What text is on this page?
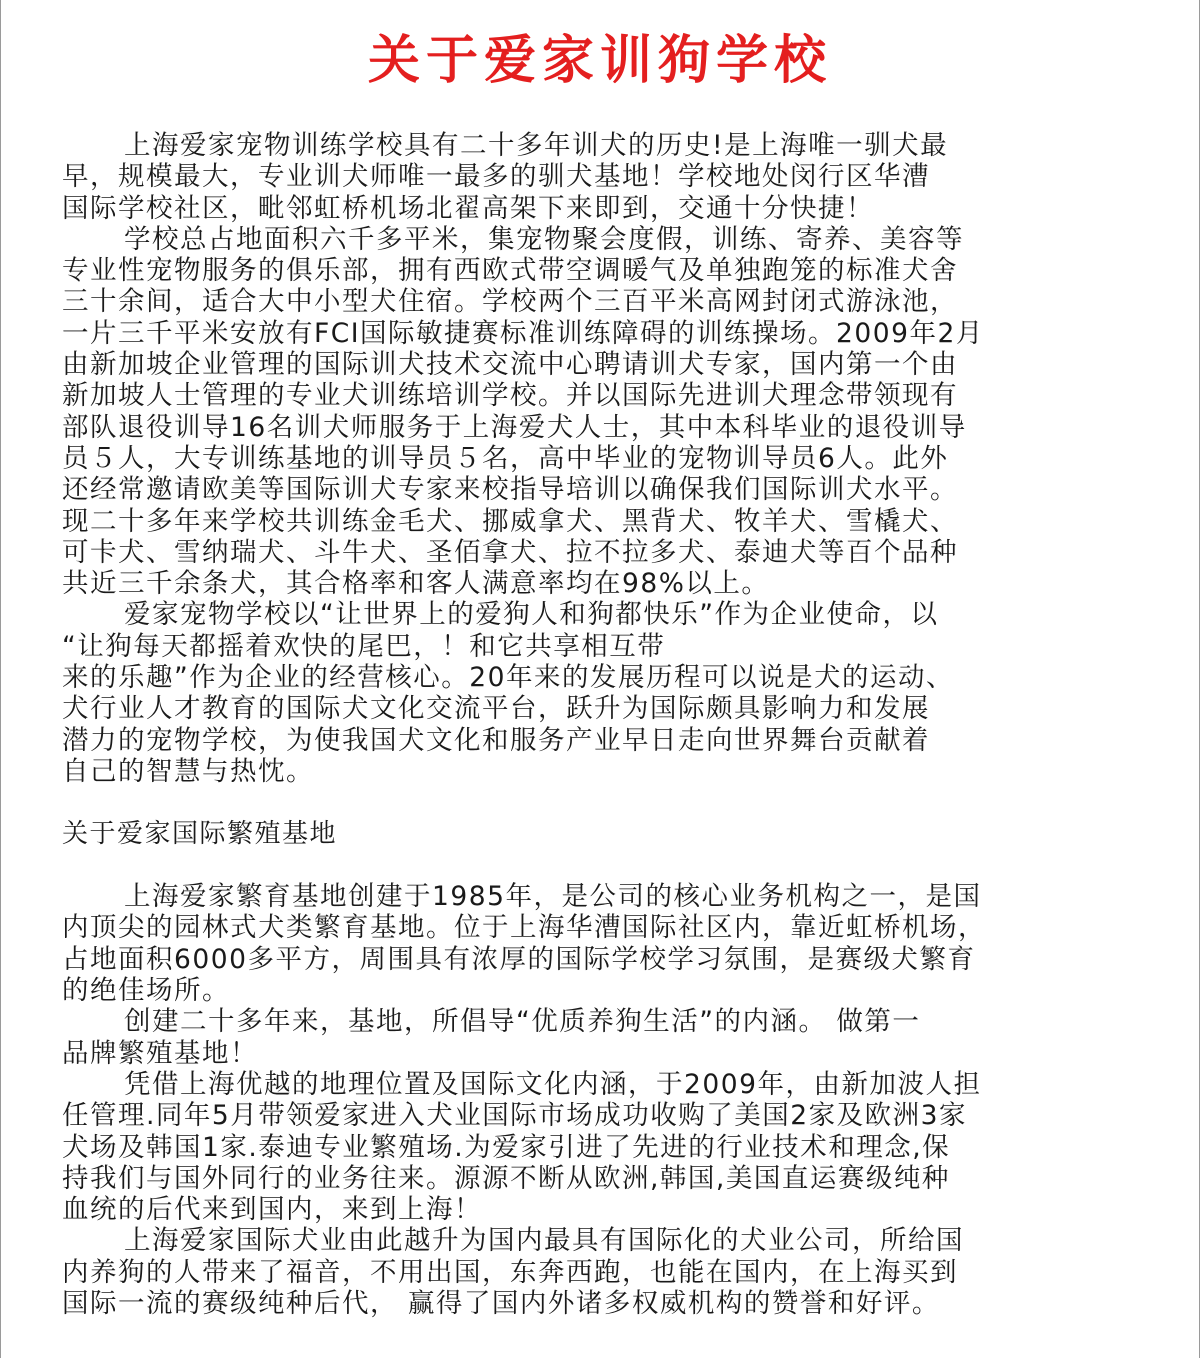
关于爱家训狗学校
上海爱家宠物训练学校具有二十多年训犬的历史!是上海唯一驯犬最
早，规模最大，专业训犬师唯一最多的驯犬基地！学校地处闵行区华漕
国际学校社区，毗邻虹桥机场北翟高架下来即到，交通十分快捷！
学校总占地面积六千多平米，集宠物聚会度假，训练、寄养、美容等
专业性宠物服务的俱乐部，拥有西欧式带空调暖气及单独跑笼的标准犬舍
三十余间，适合大中小型犬住宿。学校两个三百平米高网封闭式游泳池，
一片三千平米安放有FCI国际敏捷赛标准训练障碍的训练操场。2009年2月
由新加坡企业管理的国际训犬技术交流中心聘请训犬专家，国内第一个由
新加坡人士管理的专业犬训练培训学校。并以国际先进训犬理念带领现有
部队退役训导16名训犬师服务于上海爱犬人士，其中本科毕业的退役训导
员５人，大专训练基地的训导员５名，高中毕业的宠物训导员6人。此外
还经常邀请欧美等国际训犬专家来校指导培训以确保我们国际训犬水平。
现二十多年来学校共训练金毛犬、挪威拿犬、黑背犬、牧羊犬、雪橇犬、
可卡犬、雪纳瑞犬、斗牛犬、圣佰拿犬、拉不拉多犬、泰迪犬等百个品种
共近三千余条犬，其合格率和客人满意率均在98%以上。
爱家宠物学校以“让世界上的爱狗人和狗都快乐”作为企业使命，以
“让狗每天都摇着欢快的尾巴，！和它共享相互带
来的乐趣”作为企业的经营核心。20年来的发展历程可以说是犬的运动、
犬行业人才教育的国际犬文化交流平台，跃升为国际颇具影响力和发展
潜力的宠物学校，为使我国犬文化和服务产业早日走向世界舞台贡献着
自己的智慧与热忱。
关于爱家国际繁殖基地
上海爱家繁育基地创建于1985年，是公司的核心业务机构之一，是国
内顶尖的园林式犬类繁育基地。位于上海华漕国际社区内，靠近虹桥机场，
占地面积6000多平方，周围具有浓厚的国际学校学习氛围，是赛级犬繁育
的绝佳场所。
创建二十多年来，基地，所倡导“优质养狗生活”的内涵。 做第一
品牌繁殖基地！
凭借上海优越的地理位置及国际文化内涵，于2009年，由新加波人担
任管理.同年5月带领爱家进入犬业国际市场成功收购了美国2家及欧洲3家
犬场及韩国1家.泰迪专业繁殖场.为爱家引进了先进的行业技术和理念,保
持我们与国外同行的业务往来。源源不断从欧洲,韩国,美国直运赛级纯种
血统的后代来到国内，来到上海！
上海爱家国际犬业由此越升为国内最具有国际化的犬业公司，所给国
内养狗的人带来了福音，不用出国，东奔西跑，也能在国内，在上海买到
国际一流的赛级纯种后代， 赢得了国内外诸多权威机构的赞誉和好评。
